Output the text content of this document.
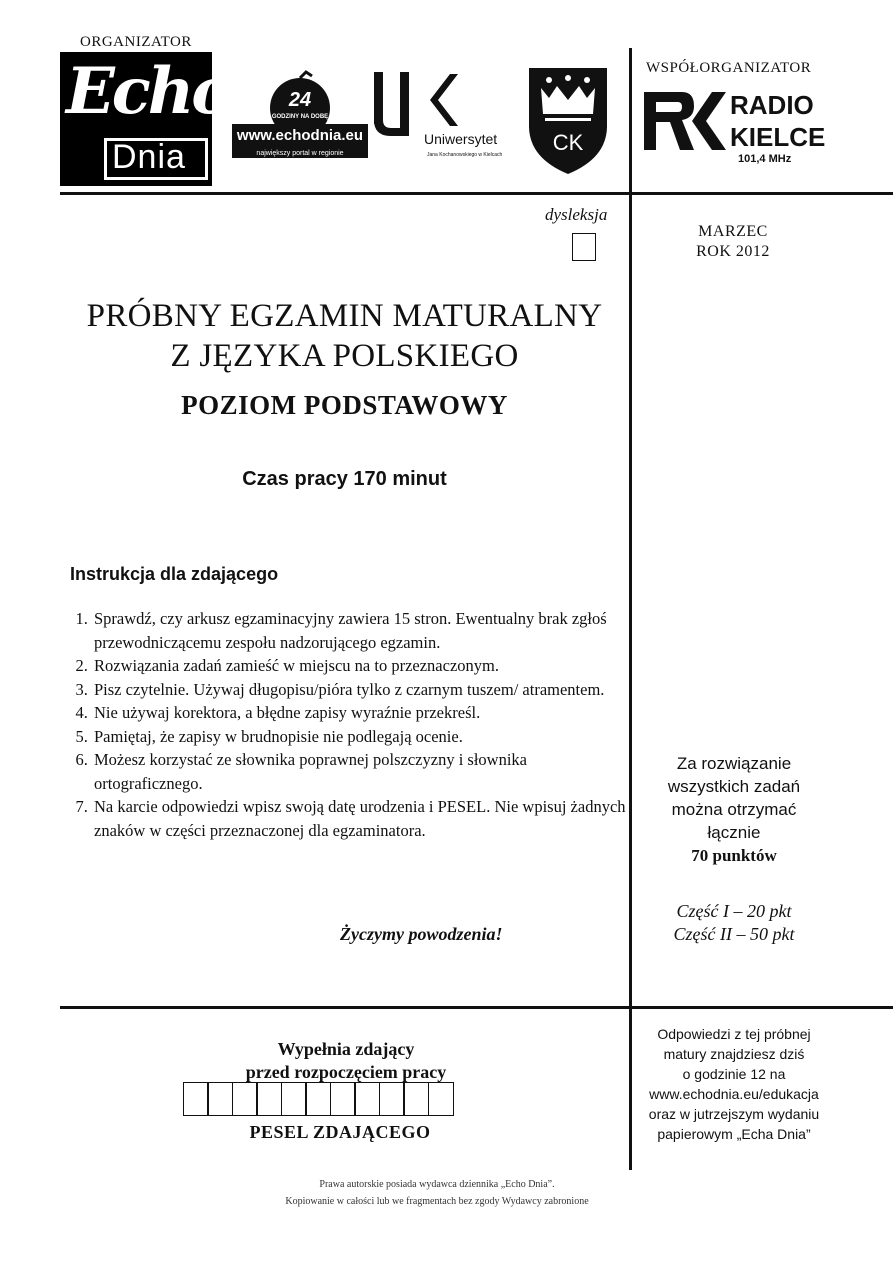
ORGANIZATOR
WSPÓŁORGANIZATOR
Echo
Dnia
24
GODZINY NA DOBĘ
www.echodnia.eu
największy portal w regionie
Uniwersytet
Jana Kochanowskiego w Kielcach CK
RADIO
KIELCE
101,4 MHz
dysleksja
MARZEC
ROK 2012
PRÓBNY EGZAMIN MATURALNY
Z JĘZYKA POLSKIEGO
POZIOM PODSTAWOWY
Czas pracy 170 minut
Instrukcja dla zdającego
1. Sprawdź, czy arkusz egzaminacyjny zawiera 15 stron. Ewentualny brak zgłoś przewodniczącemu zespołu nadzorującego egzamin.
2. Rozwiązania zadań zamieść w miejscu na to przeznaczonym.
3. Pisz czytelnie. Używaj długopisu/pióra tylko z czarnym tuszem/ atramentem.
4. Nie używaj korektora, a błędne zapisy wyraźnie przekreśl.
5. Pamiętaj, że zapisy w brudnopisie nie podlegają ocenie.
6. Możesz korzystać ze słownika poprawnej polszczyzny i słownika ortograficznego.
7. Na karcie odpowiedzi wpisz swoją datę urodzenia i PESEL. Nie wpisuj żadnych znaków w części przeznaczonej dla egzaminatora.
Życzymy powodzenia!
Za rozwiązanie
wszystkich zadań
można otrzymać
łącznie
70 punktów
Część I – 20 pkt
Część II – 50 pkt
Wypełnia zdający
przed rozpoczęciem pracy
PESEL ZDAJĄCEGO
Odpowiedzi z tej próbnej
matury znajdziesz dziś
o godzinie 12 na
www.echodnia.eu/edukacja
oraz w jutrzejszym wydaniu
papierowym „Echa Dnia”
Prawa autorskie posiada wydawca dziennika „Echo Dnia”.
Kopiowanie w całości lub we fragmentach bez zgody Wydawcy zabronione
